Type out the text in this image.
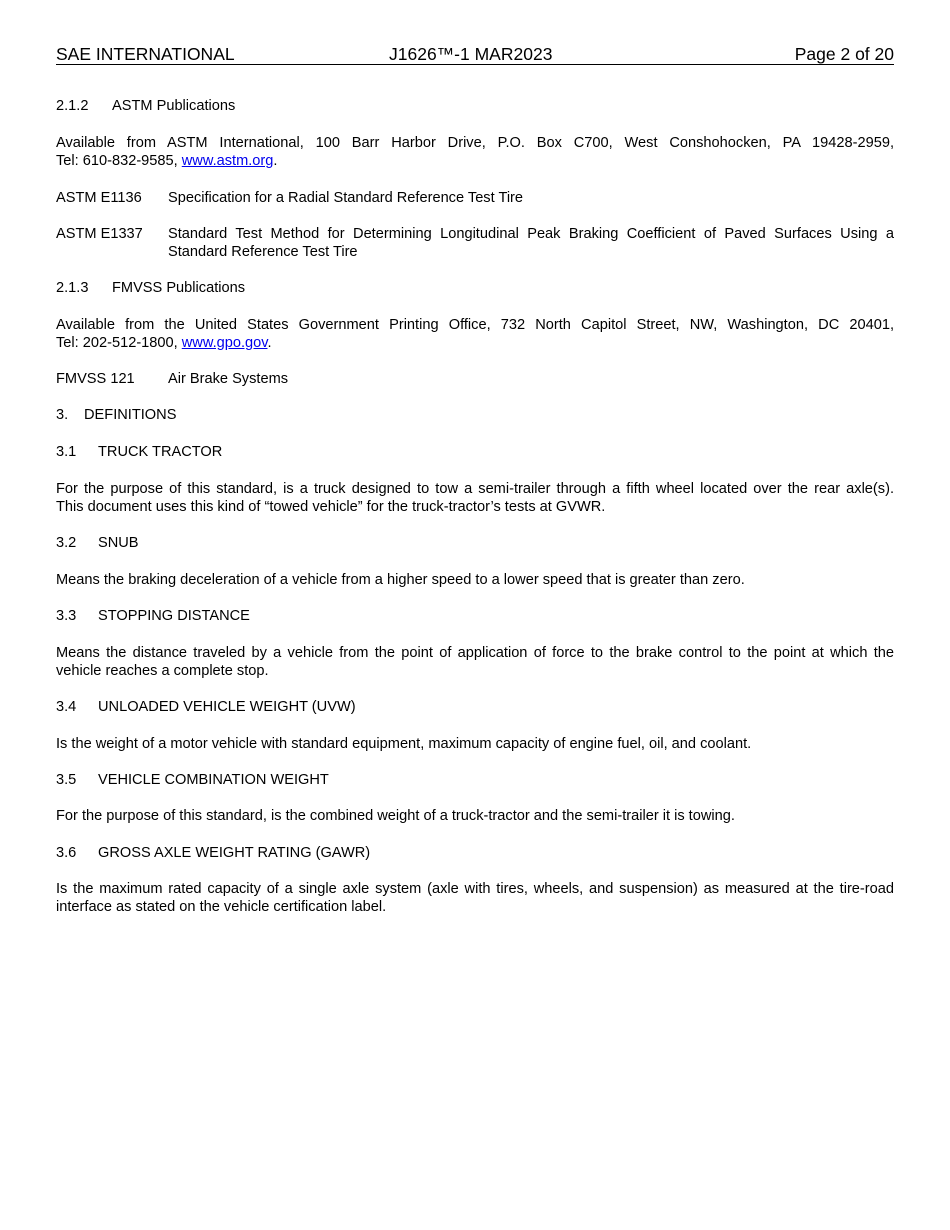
SAE INTERNATIONAL	J1626™-1 MAR2023	Page 2 of 20
2.1.2 ASTM Publications
Available from ASTM International, 100 Barr Harbor Drive, P.O. Box C700, West Conshohocken, PA 19428-2959,
Tel: 610-832-9585, www.astm.org.
ASTM E1136 Specification for a Radial Standard Reference Test Tire
ASTM E1337 Standard Test Method for Determining Longitudinal Peak Braking Coefficient of Paved Surfaces Using a
Standard Reference Test Tire
2.1.3 FMVSS Publications
Available from the United States Government Printing Office, 732 North Capitol Street, NW, Washington, DC 20401,
Tel: 202-512-1800, www.gpo.gov.
FMVSS 121 Air Brake Systems
3. DEFINITIONS
3.1 TRUCK TRACTOR
For the purpose of this standard, is a truck designed to tow a semi-trailer through a fifth wheel located over the rear axle(s).
This document uses this kind of “towed vehicle” for the truck-tractor’s tests at GVWR.
3.2 SNUB
Means the braking deceleration of a vehicle from a higher speed to a lower speed that is greater than zero.
3.3 STOPPING DISTANCE
Means the distance traveled by a vehicle from the point of application of force to the brake control to the point at which the
vehicle reaches a complete stop.
3.4 UNLOADED VEHICLE WEIGHT (UVW)
Is the weight of a motor vehicle with standard equipment, maximum capacity of engine fuel, oil, and coolant.
3.5 VEHICLE COMBINATION WEIGHT
For the purpose of this standard, is the combined weight of a truck-tractor and the semi-trailer it is towing.
3.6 GROSS AXLE WEIGHT RATING (GAWR)
Is the maximum rated capacity of a single axle system (axle with tires, wheels, and suspension) as measured at the tire-road
interface as stated on the vehicle certification label.
